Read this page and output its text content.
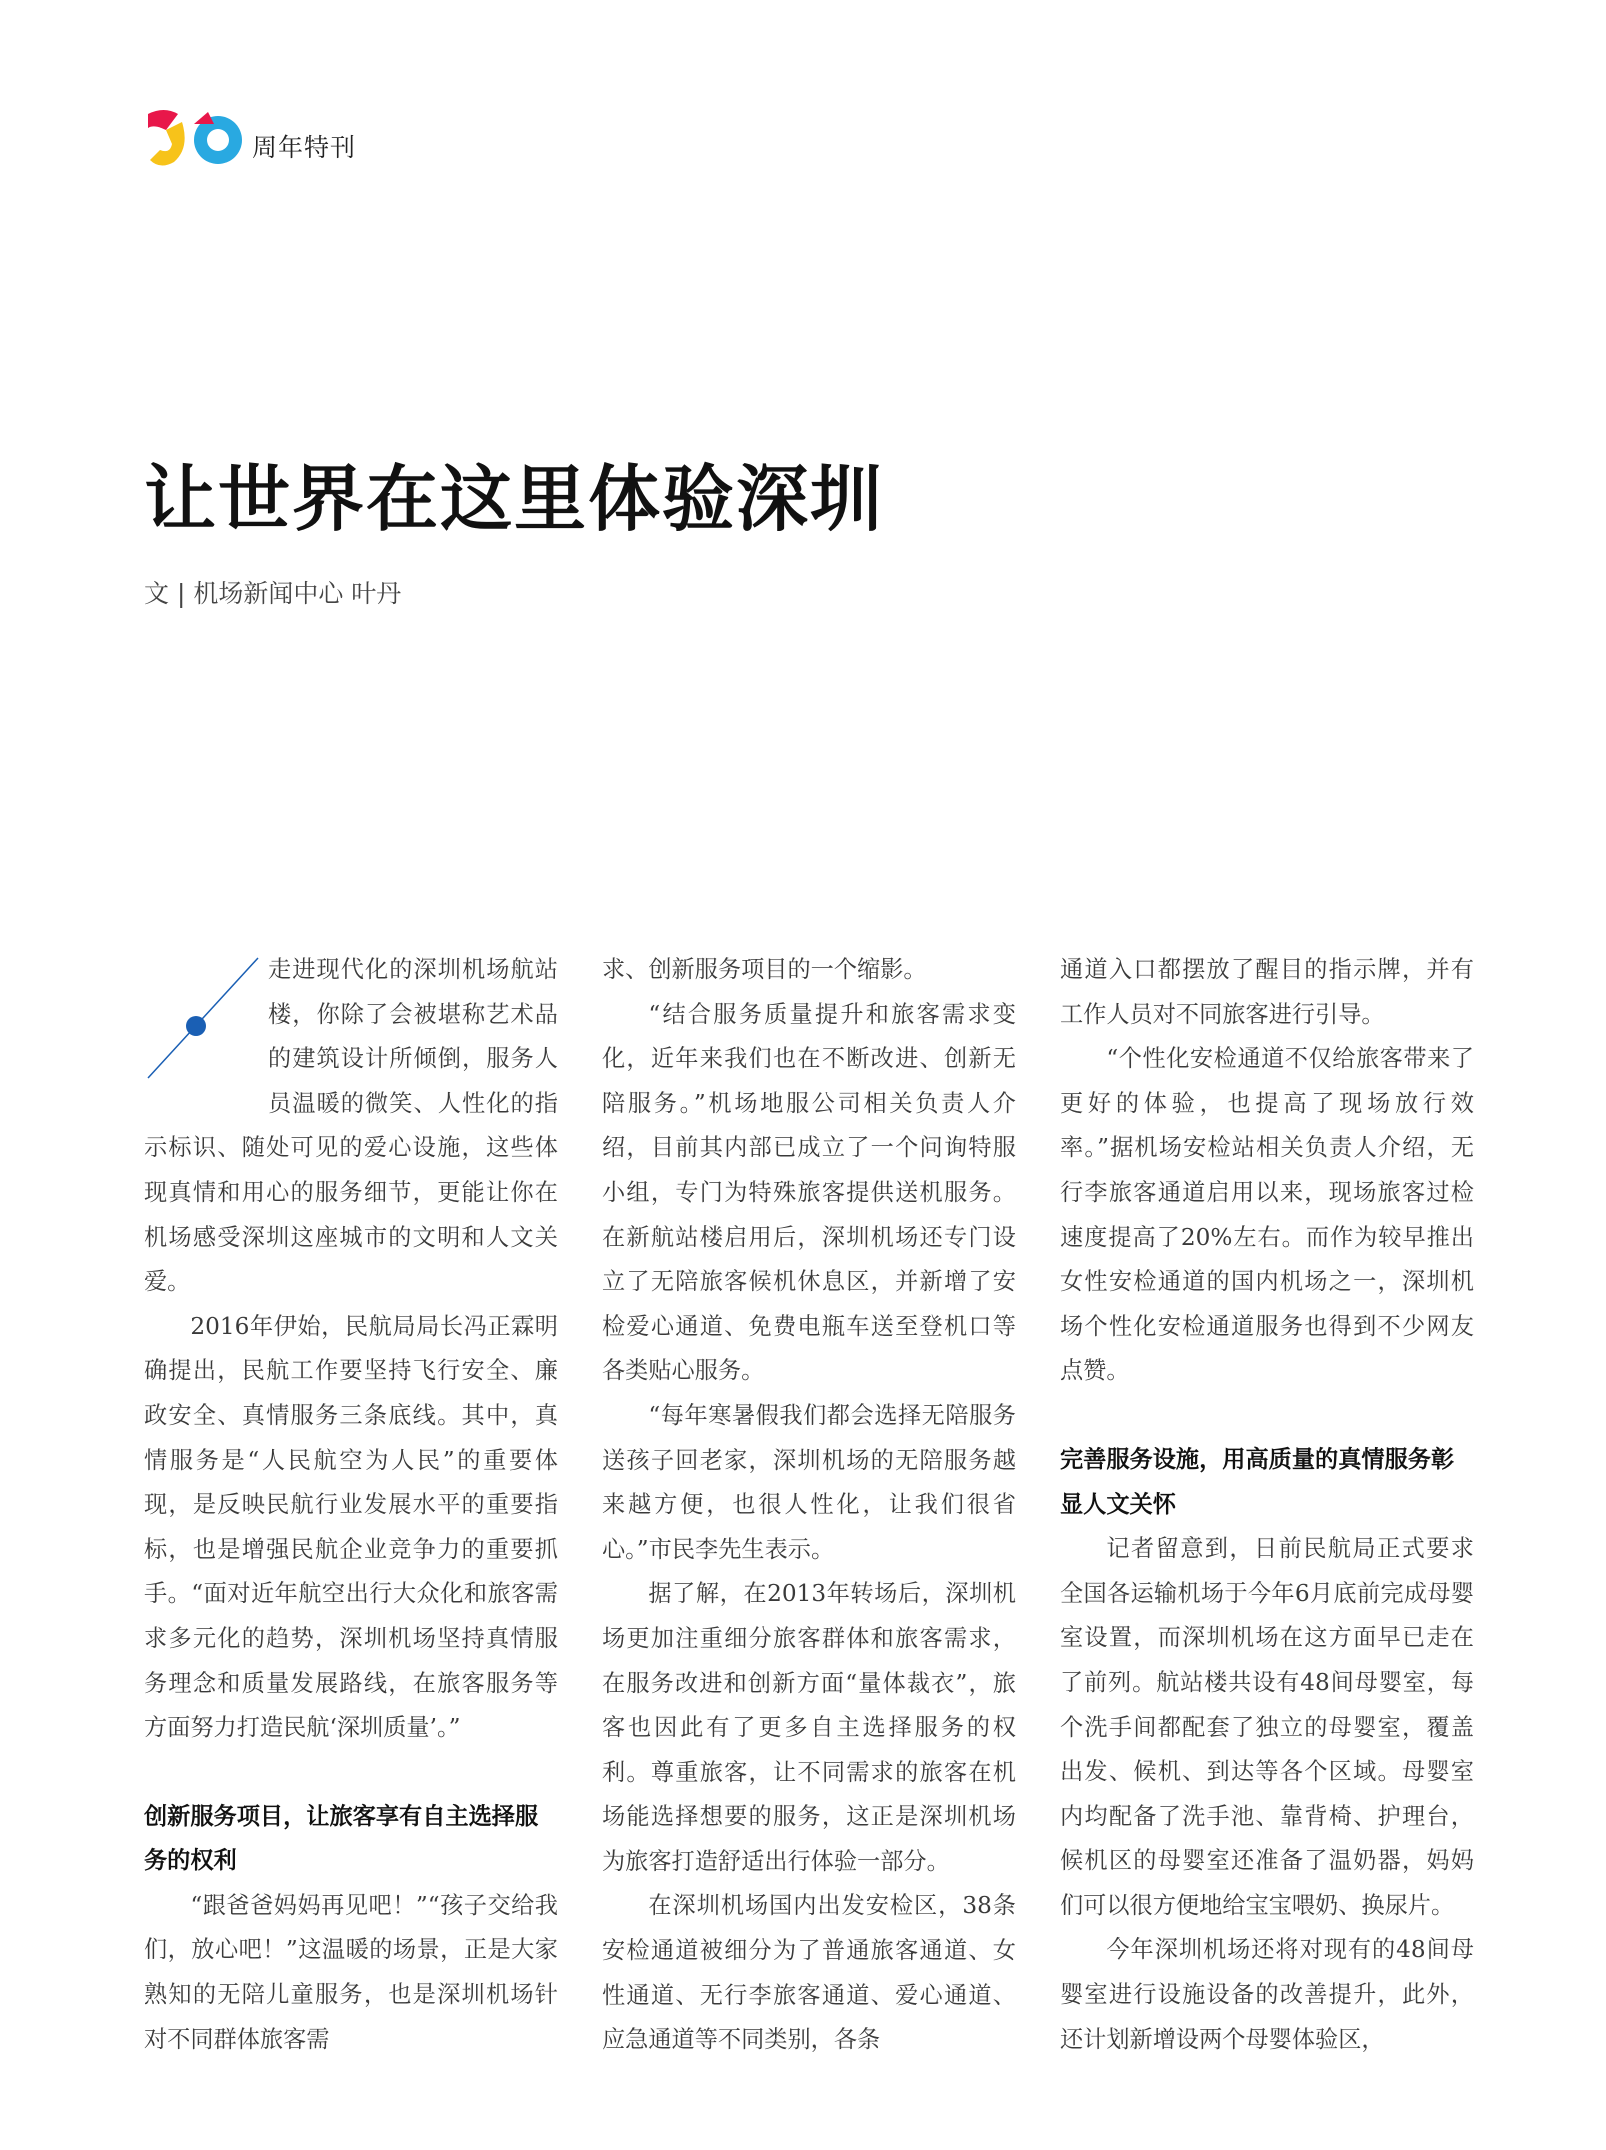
周年特刊
让世界在这里体验深圳
文 | 机场新闻中心 叶丹

走进现代化的深圳机场航站楼，你除了会被堪称艺术品的建筑设计所倾倒，服务人员温暖的微笑、人性化的指示标识、随处可见的爱心设施，这些体现真情和用心的服务细节，更能让你在机场感受深圳这座城市的文明和人文关爱。

2016年伊始，民航局局长冯正霖明确提出，民航工作要坚持飞行安全、廉政安全、真情服务三条底线。其中，真情服务是“人民航空为人民”的重要体现，是反映民航行业发展水平的重要指标，也是增强民航企业竞争力的重要抓手。“面对近年航空出行大众化和旅客需求多元化的趋势，深圳机场坚持真情服务理念和质量发展路线，在旅客服务等方面努力打造民航‘深圳质量’。”

创新服务项目，让旅客享有自主选择服务的权利

“跟爸爸妈妈再见吧！”“孩子交给我们，放心吧！”这温暖的场景，正是大家熟知的无陪儿童服务，也是深圳机场针对不同群体旅客需

求、创新服务项目的一个缩影。

“结合服务质量提升和旅客需求变化，近年来我们也在不断改进、创新无陪服务。”机场地服公司相关负责人介绍，目前其内部已成立了一个问询特服小组，专门为特殊旅客提供送机服务。在新航站楼启用后，深圳机场还专门设立了无陪旅客候机休息区，并新增了安检爱心通道、免费电瓶车送至登机口等各类贴心服务。

“每年寒暑假我们都会选择无陪服务送孩子回老家，深圳机场的无陪服务越来越方便，也很人性化，让我们很省心。”市民李先生表示。

据了解，在2013年转场后，深圳机场更加注重细分旅客群体和旅客需求，在服务改进和创新方面“量体裁衣”，旅客也因此有了更多自主选择服务的权利。尊重旅客，让不同需求的旅客在机场能选择想要的服务，这正是深圳机场为旅客打造舒适出行体验一部分。

在深圳机场国内出发安检区，38条安检通道被细分为了普通旅客通道、女性通道、无行李旅客通道、爱心通道、应急通道等不同类别，各条

通道入口都摆放了醒目的指示牌，并有工作人员对不同旅客进行引导。

“个性化安检通道不仅给旅客带来了更好的体验，也提高了现场放行效率。”据机场安检站相关负责人介绍，无行李旅客通道启用以来，现场旅客过检速度提高了20%左右。而作为较早推出女性安检通道的国内机场之一，深圳机场个性化安检通道服务也得到不少网友点赞。

完善服务设施，用高质量的真情服务彰显人文关怀

记者留意到，日前民航局正式要求全国各运输机场于今年6月底前完成母婴室设置，而深圳机场在这方面早已走在了前列。航站楼共设有48间母婴室，每个洗手间都配套了独立的母婴室，覆盖出发、候机、到达等各个区域。母婴室内均配备了洗手池、靠背椅、护理台，候机区的母婴室还准备了温奶器，妈妈们可以很方便地给宝宝喂奶、换尿片。

今年深圳机场还将对现有的48间母婴室进行设施设备的改善提升，此外，还计划新增设两个母婴体验区，
